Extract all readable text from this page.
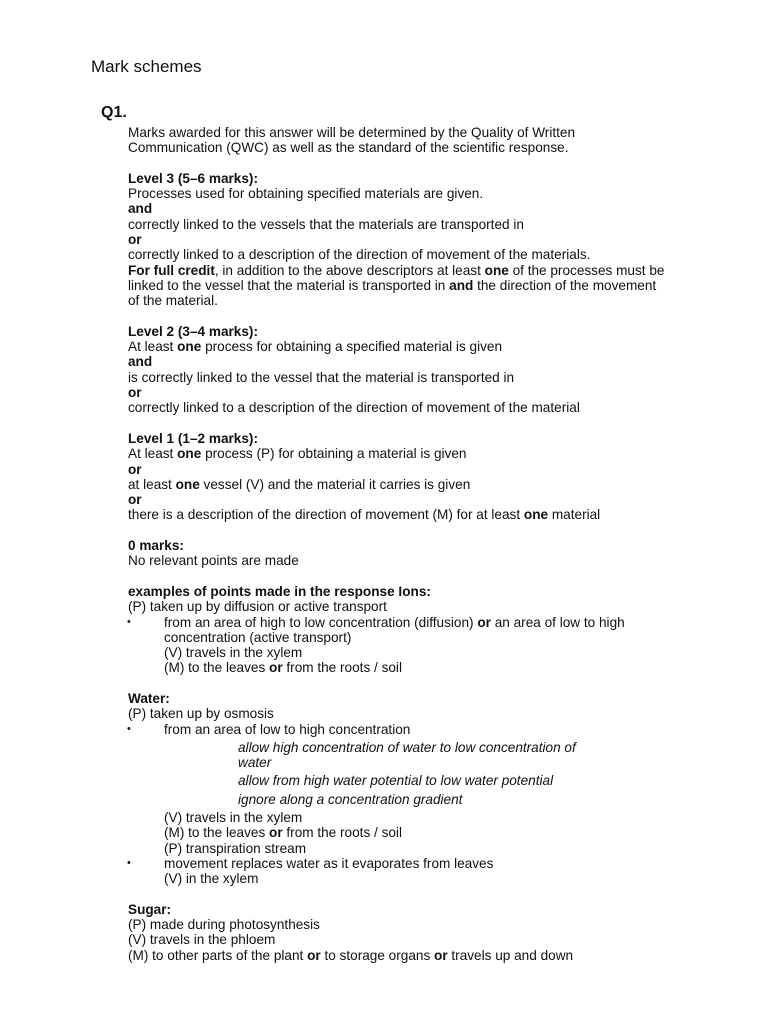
Mark schemes
Q1.

Marks awarded for this answer will be determined by the Quality of Written

Communication (QWC) as well as the standard of the scientific response.

Level 3 (5–6 marks):

Processes used for obtaining specified materials are given.

and

correctly linked to the vessels that the materials are transported in

or

correctly linked to a description of the direction of movement of the materials.

For full credit, in addition to the above descriptors at least one of the processes must be

linked to the vessel that the material is transported in and the direction of the movement

of the material.

Level 2 (3–4 marks):

At least one process for obtaining a specified material is given

and

is correctly linked to the vessel that the material is transported in

or

correctly linked to a description of the direction of movement of the material

Level 1 (1–2 marks):

At least one process (P) for obtaining a material is given

or

at least one vessel (V) and the material it carries is given

or

there is a description of the direction of movement (M) for at least one material

0 marks:

No relevant points are made

examples of points made in the response Ions:

(P) taken up by diffusion or active transport

• from an area of high to low concentration (diffusion) or an area of low to high

concentration (active transport)

(V) travels in the xylem

(M) to the leaves or from the roots / soil

Water:

(P) taken up by osmosis

• from an area of low to high concentration

allow high concentration of water to low concentration of water

allow from high water potential to low water potential

ignore along a concentration gradient

(V) travels in the xylem

(M) to the leaves or from the roots / soil

(P) transpiration stream

• movement replaces water as it evaporates from leaves

(V) in the xylem

Sugar:

(P) made during photosynthesis

(V) travels in the phloem

(M) to other parts of the plant or to storage organs or travels up and down
